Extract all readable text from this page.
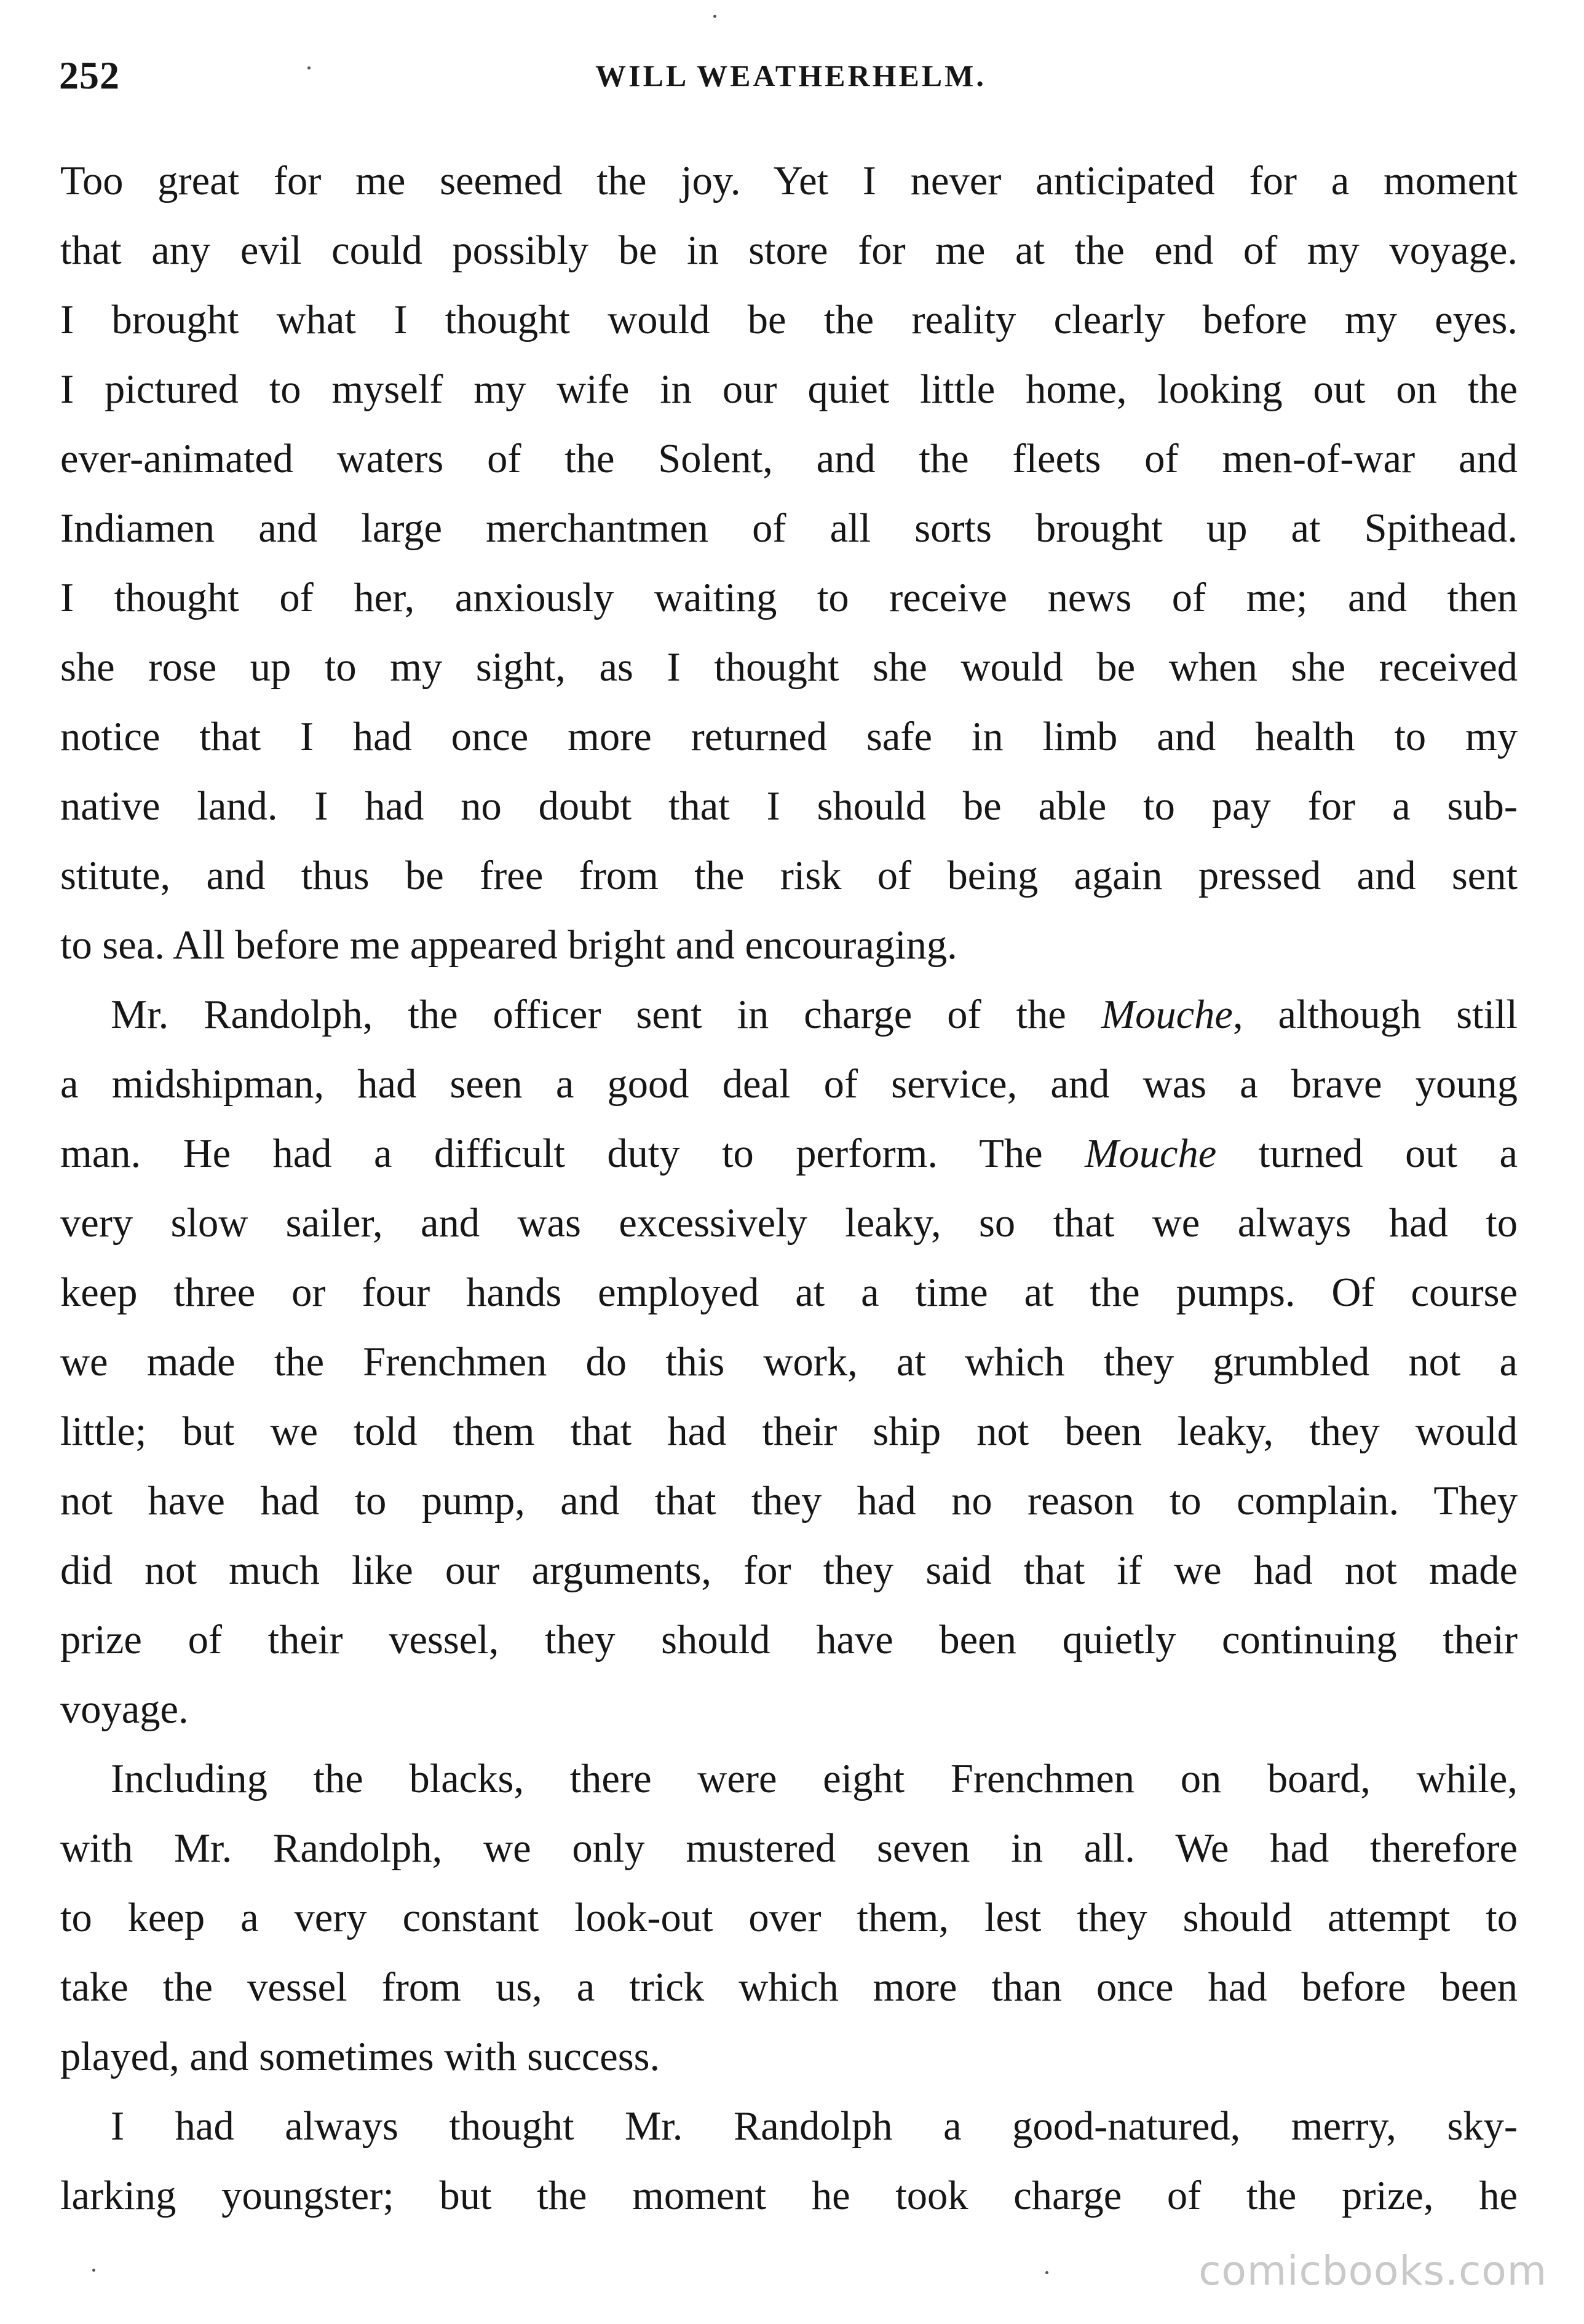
252	WILL WEATHERHELM.
Too great for me seemed the joy. Yet I never anticipated for a moment
that any evil could possibly be in store for me at the end of my voyage.
I brought what I thought would be the reality clearly before my eyes.
I pictured to myself my wife in our quiet little home, looking out on the
ever-animated waters of the Solent, and the fleets of men-of-war and
Indiamen and large merchantmen of all sorts brought up at Spithead.
I thought of her, anxiously waiting to receive news of me; and then
she rose up to my sight, as I thought she would be when she received
notice that I had once more returned safe in limb and health to my
native land. I had no doubt that I should be able to pay for a sub-
stitute, and thus be free from the risk of being again pressed and sent
to sea. All before me appeared bright and encouraging.
Mr. Randolph, the officer sent in charge of the Mouche, although still
a midshipman, had seen a good deal of service, and was a brave young
man. He had a difficult duty to perform. The Mouche turned out a
very slow sailer, and was excessively leaky, so that we always had to
keep three or four hands employed at a time at the pumps. Of course
we made the Frenchmen do this work, at which they grumbled not a
little; but we told them that had their ship not been leaky, they would
not have had to pump, and that they had no reason to complain. They
did not much like our arguments, for they said that if we had not made
prize of their vessel, they should have been quietly continuing their
voyage.
Including the blacks, there were eight Frenchmen on board, while,
with Mr. Randolph, we only mustered seven in all. We had therefore
to keep a very constant look-out over them, lest they should attempt to
take the vessel from us, a trick which more than once had before been
played, and sometimes with success.
I had always thought Mr. Randolph a good-natured, merry, sky-
larking youngster; but the moment he took charge of the prize, he
comicbooks.com
